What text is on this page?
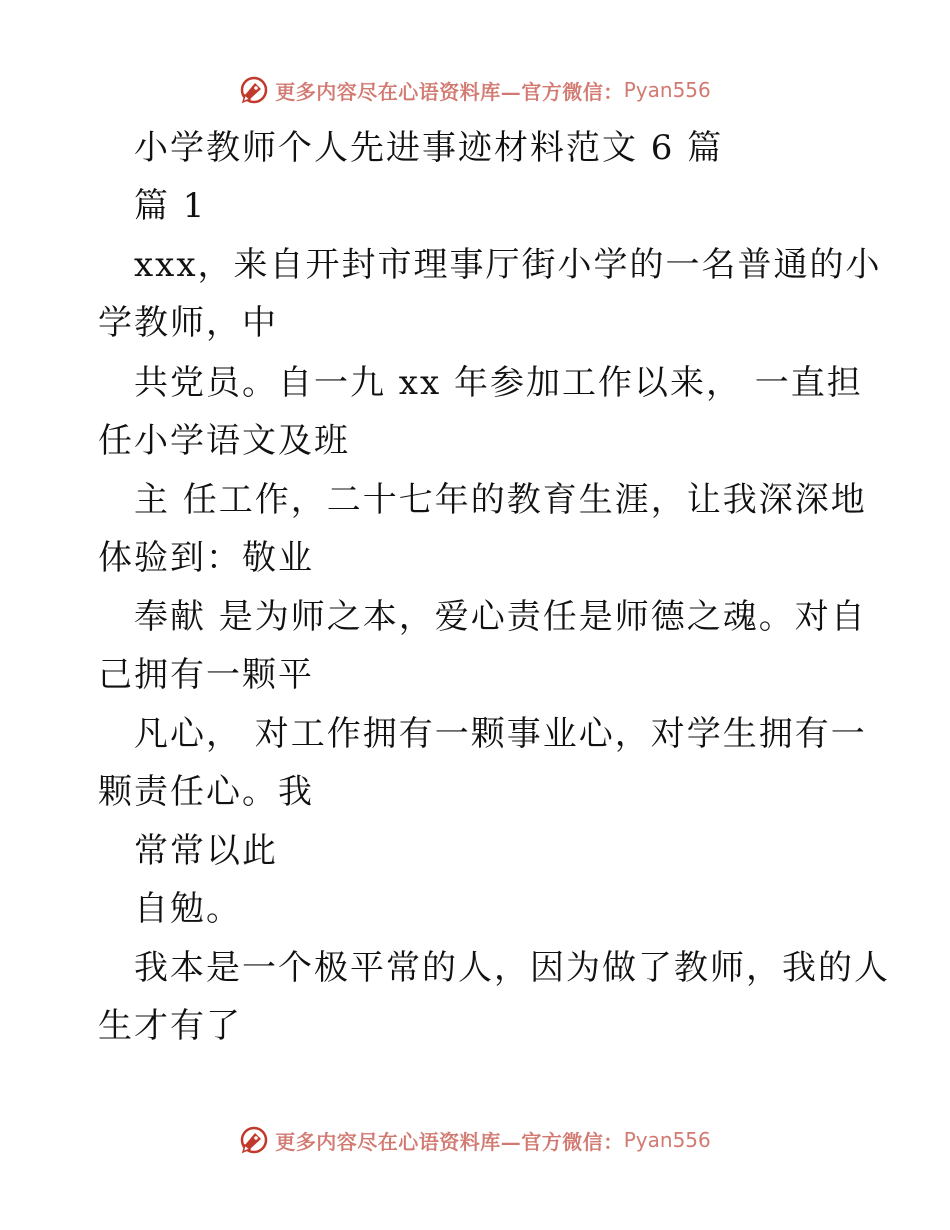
更多内容尽在心语资料库—官方微信： Pyan556
小学教师个人先进事迹材料范文 6 篇
篇 1
xxx，来自开封市理事厅街小学的一名普通的小
学教师，中
共党员。自一九 xx 年参加工作以来， 一直担
任小学语文及班
主 任工作，二十七年的教育生涯，让我深深地
体验到：敬业
奉献 是为师之本，爱心责任是师德之魂。对自
己拥有一颗平
凡心， 对工作拥有一颗事业心，对学生拥有一
颗责任心。我
常常以此
自勉。
我本是一个极平常的人，因为做了教师，我的人
生才有了
更多内容尽在心语资料库—官方微信： Pyan556
